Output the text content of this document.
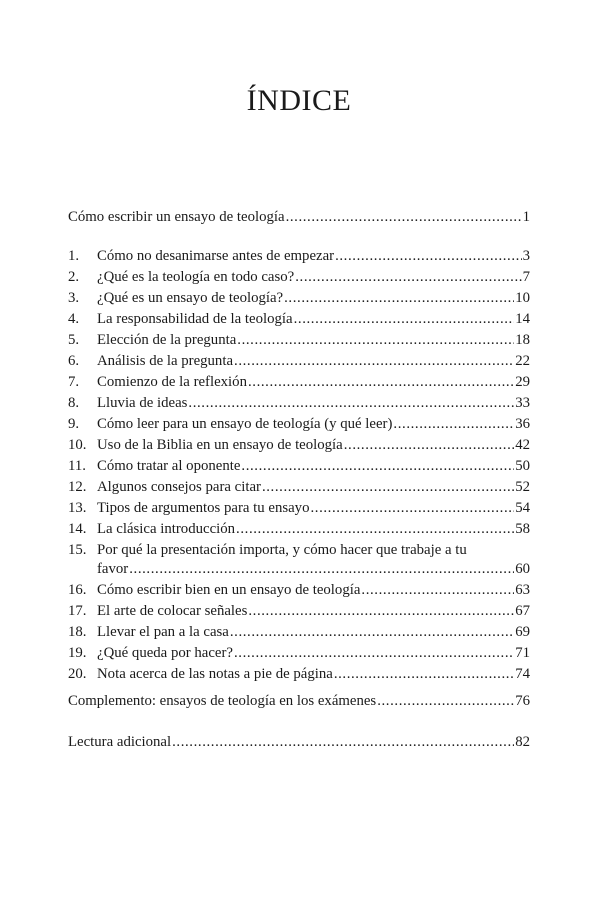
ÍNDICE
Cómo escribir un ensayo de teología .....	1
1. Cómo no desanimarse antes de empezar .....	3
2. ¿Qué es la teología en todo caso? .....	7
3. ¿Qué es un ensayo de teología? .....	10
4. La responsabilidad de la teología .....	14
5. Elección de la pregunta .....	18
6. Análisis de la pregunta .....	22
7. Comienzo de la reflexión .....	29
8. Lluvia de ideas .....	33
9. Cómo leer para un ensayo de teología (y qué leer) .....	36
10. Uso de la Biblia en un ensayo de teología .....	42
11. Cómo tratar al oponente .....	50
12. Algunos consejos para citar .....	52
13. Tipos de argumentos para tu ensayo .....	54
14. La clásica introducción .....	58
15. Por qué la presentación importa, y cómo hacer que trabaje a tu
favor .....	60
16. Cómo escribir bien en un ensayo de teología .....	63
17. El arte de colocar señales .....	67
18. Llevar el pan a la casa .....	69
19. ¿Qué queda por hacer? .....	71
20. Nota acerca de las notas a pie de página .....	74
Complemento: ensayos de teología en los exámenes .....	76
Lectura adicional .....	82
